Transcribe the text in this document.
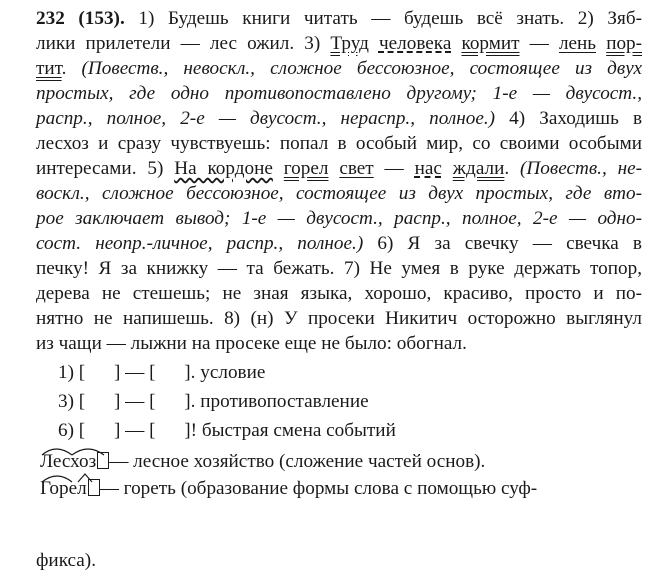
232 (153). 1) Будешь книги читать — будешь всё знать. 2) Зяб-
лики прилетели — лес ожил. 3) Труд человека кормит — лень пор-
тит. (Повеств., невоскл., сложное бессоюзное, состоящее из двух
простых, где одно противопоставлено другому; 1-е — двусост.,
распр., полное, 2-е — двусост., нераспр., полное.) 4) Заходишь в
лесхоз и сразу чувствуешь: попал в особый мир, со своими особыми
интересами. 5) На кордоне горел свет — нас ждали. (Повеств., не-
воскл., сложное бессоюзное, состоящее из двух простых, где вто-
рое заключает вывод; 1-е — двусост., распр., полное, 2-е — одно-
сост. неопр.-личное, распр., полное.) 6) Я за свечку — свечка в
печку! Я за книжку — та бежать. 7) Не умея в руке держать топор,
дерева не стешешь; не зная языка, хорошо, красиво, просто и по-
нятно не напишешь. 8) (н) У просеки Никитич осторожно выглянул
из чащи — лыжни на просеке еще не было: обогнал.
1) [   ] — [   ]. условие
3) [   ] — [   ]. противопоставление
6) [   ] — [   ]! быстрая смена событий
Лесхоз — лесное хозяйство (сложение частей основ).
Горел — гореть (образование формы слова с помощью суф-
фикса).
